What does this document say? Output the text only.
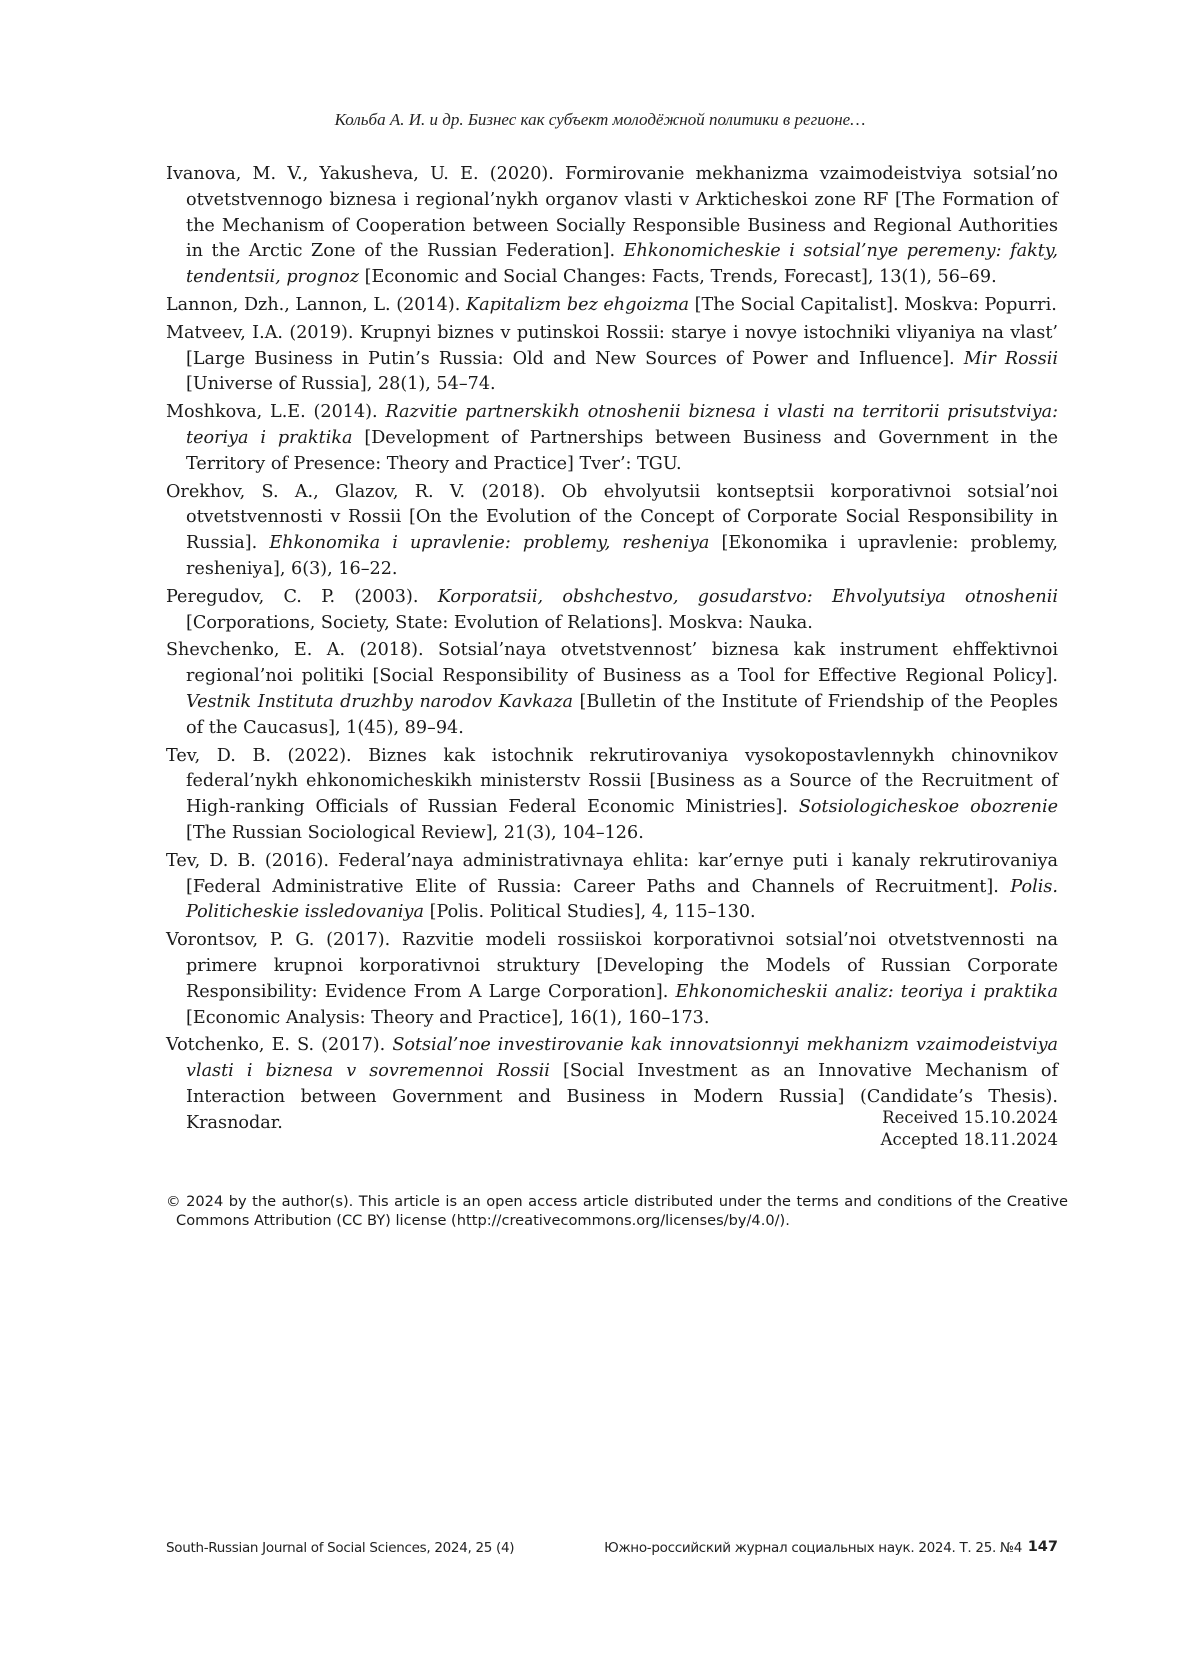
Кольба А. И. и др. Бизнес как субъект молодёжной политики в регионе…
Ivanova, M. V., Yakusheva, U. E. (2020). Formirovanie mekhanizma vzaimodeistviya sotsial’no otvetstvennogo biznesa i regional’nykh organov vlasti v Arkticheskoi zone RF [The Formation of the Mechanism of Cooperation between Socially Responsible Business and Regional Authorities in the Arctic Zone of the Russian Federation]. Ehkonomicheskie i sotsial’nye peremeny: fakty, tendentsii, prognoz [Economic and Social Changes: Facts, Trends, Forecast], 13(1), 56–69.
Lannon, Dzh., Lannon, L. (2014). Kapitalizm bez ehgoizma [The Social Capitalist]. Moskva: Popurri.
Matveev, I.A. (2019). Krupnyi biznes v putinskoi Rossii: starye i novye istochniki vliyaniya na vlast’ [Large Business in Putin’s Russia: Old and New Sources of Power and Influence]. Mir Rossii [Universe of Russia], 28(1), 54–74.
Moshkova, L.E. (2014). Razvitie partnerskikh otnoshenii biznesa i vlasti na territorii prisutstviya: teoriya i praktika [Development of Partnerships between Business and Government in the Territory of Presence: Theory and Practice] Tver’: TGU.
Orekhov, S. A., Glazov, R. V. (2018). Ob ehvolyutsii kontseptsii korporativnoi sotsial’noi otvetstvennosti v Rossii [On the Evolution of the Concept of Corporate Social Responsibility in Russia]. Ehkonomika i upravlenie: problemy, resheniya [Ekonomika i upravlenie: problemy, resheniya], 6(3), 16–22.
Peregudov, C. P. (2003). Korporatsii, obshchestvo, gosudarstvo: Ehvolyutsiya otnoshenii [Corporations, Society, State: Evolution of Relations]. Moskva: Nauka.
Shevchenko, E. A. (2018). Sotsial’naya otvetstvennost’ biznesa kak instrument ehffektivnoi regional’noi politiki [Social Responsibility of Business as a Tool for Effective Regional Policy]. Vestnik Instituta druzhby narodov Kavkaza [Bulletin of the Institute of Friendship of the Peoples of the Caucasus], 1(45), 89–94.
Tev, D. B. (2022). Biznes kak istochnik rekrutirovaniya vysokopostavlennykh chinovnikov federal’nykh ehkonomicheskikh ministerstv Rossii [Business as a Source of the Recruitment of High-ranking Officials of Russian Federal Economic Ministries]. Sotsiologicheskoe obozrenie [The Russian Sociological Review], 21(3), 104–126.
Tev, D. B. (2016). Federal’naya administrativnaya ehlita: kar’ernye puti i kanaly rekrutirovaniya [Federal Administrative Elite of Russia: Career Paths and Channels of Recruitment]. Polis. Politicheskie issledovaniya [Polis. Political Studies], 4, 115–130.
Vorontsov, P. G. (2017). Razvitie modeli rossiiskoi korporativnoi sotsial’noi otvetstvennosti na primere krupnoi korporativnoi struktury [Developing the Models of Russian Corporate Responsibility: Evidence From A Large Corporation]. Ehkonomicheskii analiz: teoriya i praktika [Economic Analysis: Theory and Practice], 16(1), 160–173.
Votchenko, E. S. (2017). Sotsial’noe investirovanie kak innovatsionnyi mekhanizm vzaimodeistviya vlasti i biznesa v sovremennoi Rossii [Social Investment as an Innovative Mechanism of Interaction between Government and Business in Modern Russia] (Candidate’s Thesis). Krasnodar.	Received 15.10.2024
Accepted 18.11.2024
© 2024 by the author(s). This article is an open access article distributed under the terms and conditions of the Creative Commons Attribution (CC BY) license (http://creativecommons.org/licenses/by/4.0/).
South-Russian Journal of Social Sciences, 2024, 25 (4)	Южно-российский журнал социальных наук. 2024. Т. 25. №4 147
